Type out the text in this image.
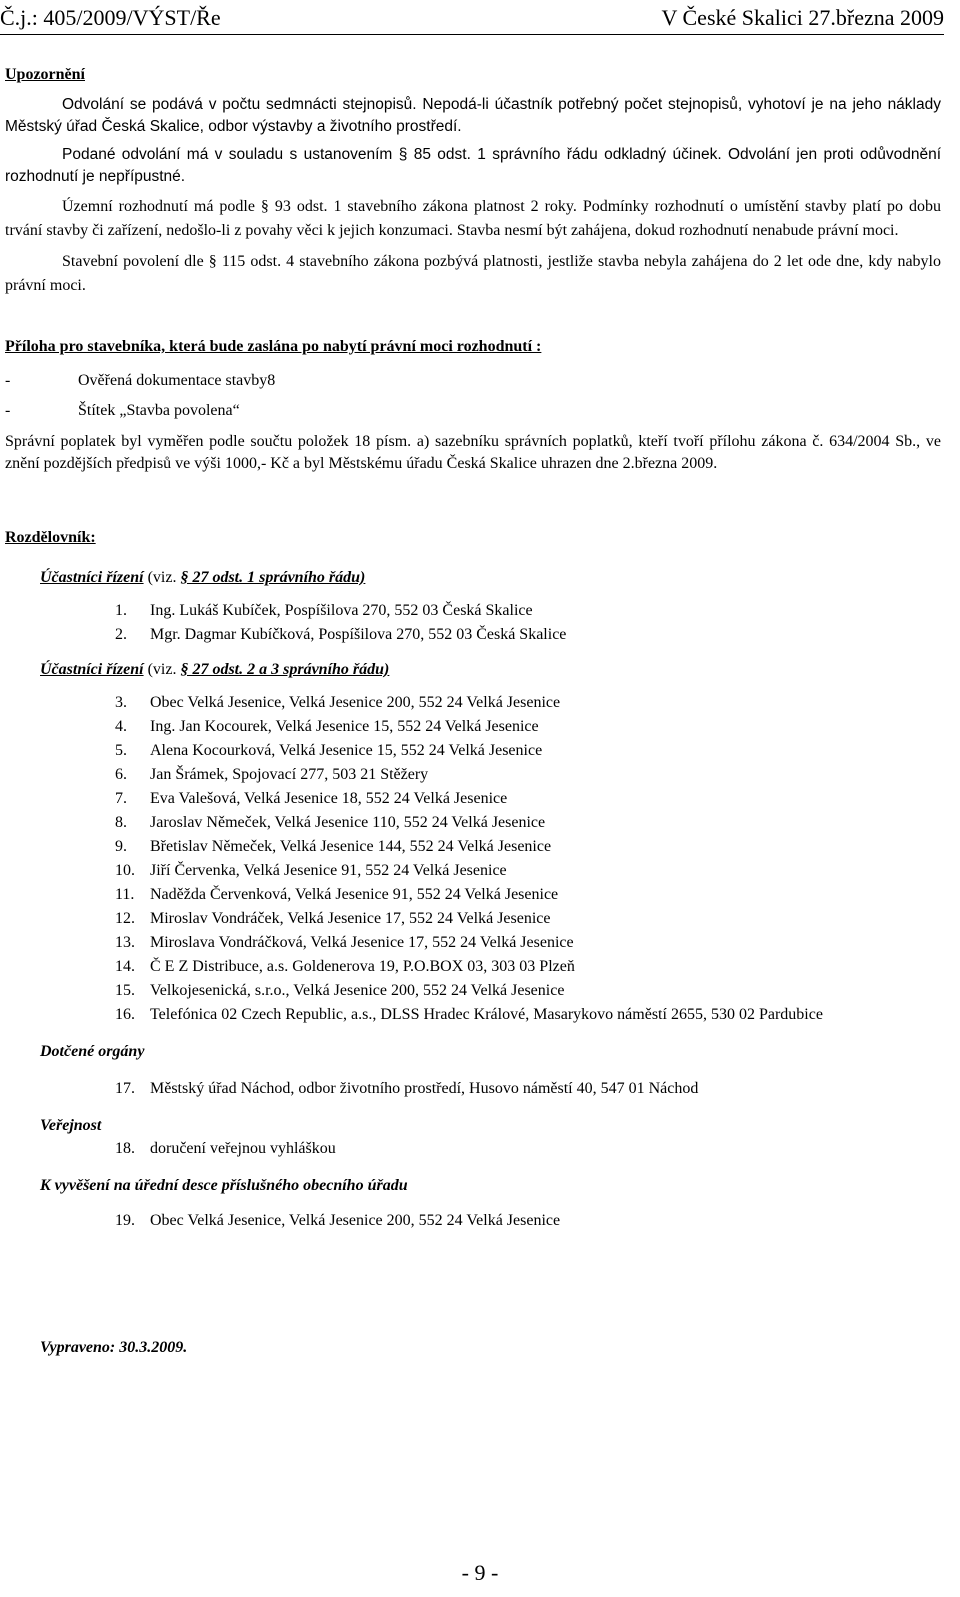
Č.j.: 405/2009/VÝST/Ře	V České Skalici 27.března 2009

Upozornění

Odvolání se podává v počtu sedmnácti stejnopisů. Nepodá-li účastník potřebný počet stejnopisů, vyhotoví je na jeho náklady Městský úřad Česká Skalice, odbor výstavby a životního prostředí.

Podané odvolání má v souladu s ustanovením § 85 odst. 1 správního řádu odkladný účinek. Odvolání jen proti odůvodnění rozhodnutí je nepřípustné.

Územní rozhodnutí má podle § 93 odst. 1 stavebního zákona platnost 2 roky. Podmínky rozhodnutí o umístění stavby platí po dobu trvání stavby či zařízení, nedošlo-li z povahy věci k jejich konzumaci. Stavba nesmí být zahájena, dokud rozhodnutí nenabude právní moci.

Stavební povolení dle § 115 odst. 4 stavebního zákona pozbývá platnosti, jestliže stavba nebyla zahájena do 2 let ode dne, kdy nabylo právní moci.

Příloha pro stavebníka, která bude zaslána po nabytí právní moci rozhodnutí :

-	Ověřená dokumentace stavby8
-	Štítek „Stavba povolena“

Správní poplatek byl vyměřen podle součtu položek 18 písm. a) sazebníku správních poplatků, kteří tvoří přílohu zákona č. 634/2004 Sb., ve znění pozdějších předpisů ve výši 1000,- Kč a byl Městskému úřadu Česká Skalice uhrazen dne 2.března 2009.

Rozdělovník:

Účastníci řízení (viz. § 27 odst. 1 správního řádu)

1. Ing. Lukáš Kubíček, Pospíšilova 270, 552 03 Česká Skalice
2. Mgr. Dagmar Kubíčková, Pospíšilova 270, 552 03 Česká Skalice

Účastníci řízení (viz. § 27 odst. 2 a 3 správního řádu)

3. Obec Velká Jesenice, Velká Jesenice 200, 552 24 Velká Jesenice
4. Ing. Jan Kocourek, Velká Jesenice 15, 552 24 Velká Jesenice
5. Alena Kocourková, Velká Jesenice 15, 552 24 Velká Jesenice
6. Jan Šrámek, Spojovací 277, 503 21 Stěžery
7. Eva Valešová, Velká Jesenice 18, 552 24 Velká Jesenice
8. Jaroslav Němeček, Velká Jesenice 110, 552 24 Velká Jesenice
9. Břetislav Němeček, Velká Jesenice 144, 552 24 Velká Jesenice
10. Jiří Červenka, Velká Jesenice 91, 552 24 Velká Jesenice
11. Naděžda Červenková, Velká Jesenice 91, 552 24 Velká Jesenice
12. Miroslav Vondráček, Velká Jesenice 17, 552 24 Velká Jesenice
13. Miroslava Vondráčková, Velká Jesenice 17, 552 24 Velká Jesenice
14. Č E Z Distribuce, a.s. Goldenerova 19, P.O.BOX 03, 303 03 Plzeň
15. Velkojesenická, s.r.o., Velká Jesenice 200, 552 24 Velká Jesenice
16. Telefónica 02 Czech Republic, a.s., DLSS Hradec Králové, Masarykovo náměstí 2655, 530 02 Pardubice

Dotčené orgány

17. Městský úřad Náchod, odbor životního prostředí, Husovo náměstí 40, 547 01 Náchod

Veřejnost

18. doručení veřejnou vyhláškou

K vyvěšení na úřední desce příslušného obecního úřadu

19. Obec Velká Jesenice, Velká Jesenice 200, 552 24 Velká Jesenice

Vypraveno: 30.3.2009.

- 9 -
